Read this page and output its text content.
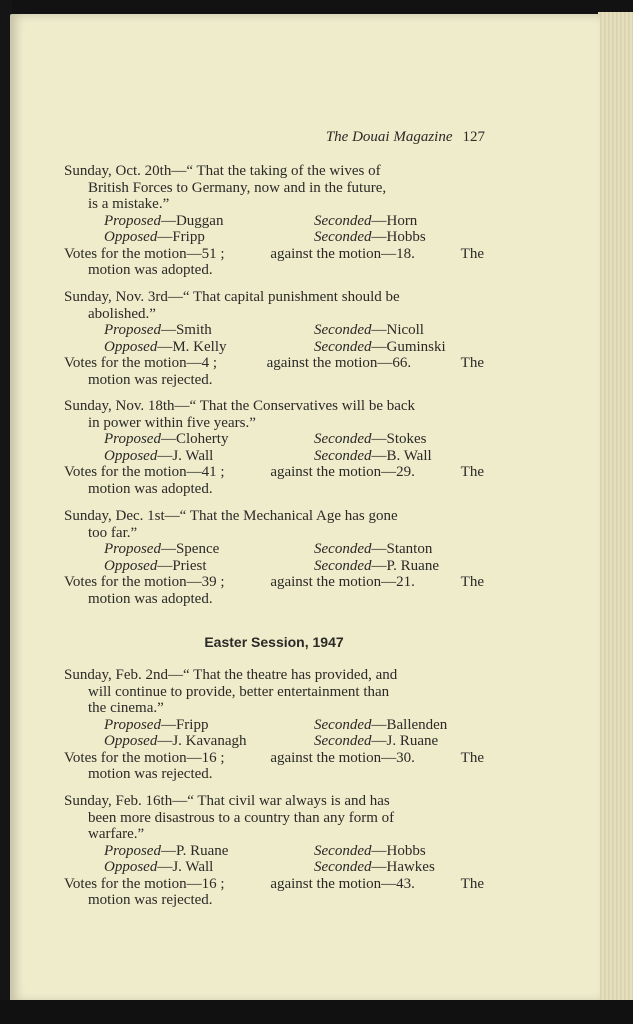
The Douai Magazine 127
Easter Session, 1947
Sunday, Oct. 20th—“ That the taking of the wives of
British Forces to Germany, now and in the future,
is a mistake.”
Proposed—Duggan	Seconded—Horn
Opposed—Fripp	Seconded—Hobbs
Votes for the motion—51 ;	against the motion—18.	The
motion was adopted.
Sunday, Nov. 3rd—“ That capital punishment should be
abolished.”
Proposed—Smith	Seconded—Nicoll
Opposed—M. Kelly	Seconded—Guminski
Votes for the motion—4 ;	against the motion—66.	The
motion was rejected.
Sunday, Nov. 18th—“ That the Conservatives will be back
in power within five years.”
Proposed—Cloherty	Seconded—Stokes
Opposed—J. Wall	Seconded—B. Wall
Votes for the motion—41 ;	against the motion—29.	The
motion was adopted.
Sunday, Dec. 1st—“ That the Mechanical Age has gone
too far.”
Proposed—Spence	Seconded—Stanton
Opposed—Priest	Seconded—P. Ruane
Votes for the motion—39 ;	against the motion—21.	The
motion was adopted.
Sunday, Feb. 2nd—“ That the theatre has provided, and
will continue to provide, better entertainment than
the cinema.”
Proposed—Fripp	Seconded—Ballenden
Opposed—J. Kavanagh	Seconded—J. Ruane
Votes for the motion—16 ;	against the motion—30.	The
motion was rejected.
Sunday, Feb. 16th—“ That civil war always is and has
been more disastrous to a country than any form of
warfare.”
Proposed—P. Ruane	Seconded—Hobbs
Opposed—J. Wall	Seconded—Hawkes
Votes for the motion—16 ;	against the motion—43.	The
motion was rejected.
